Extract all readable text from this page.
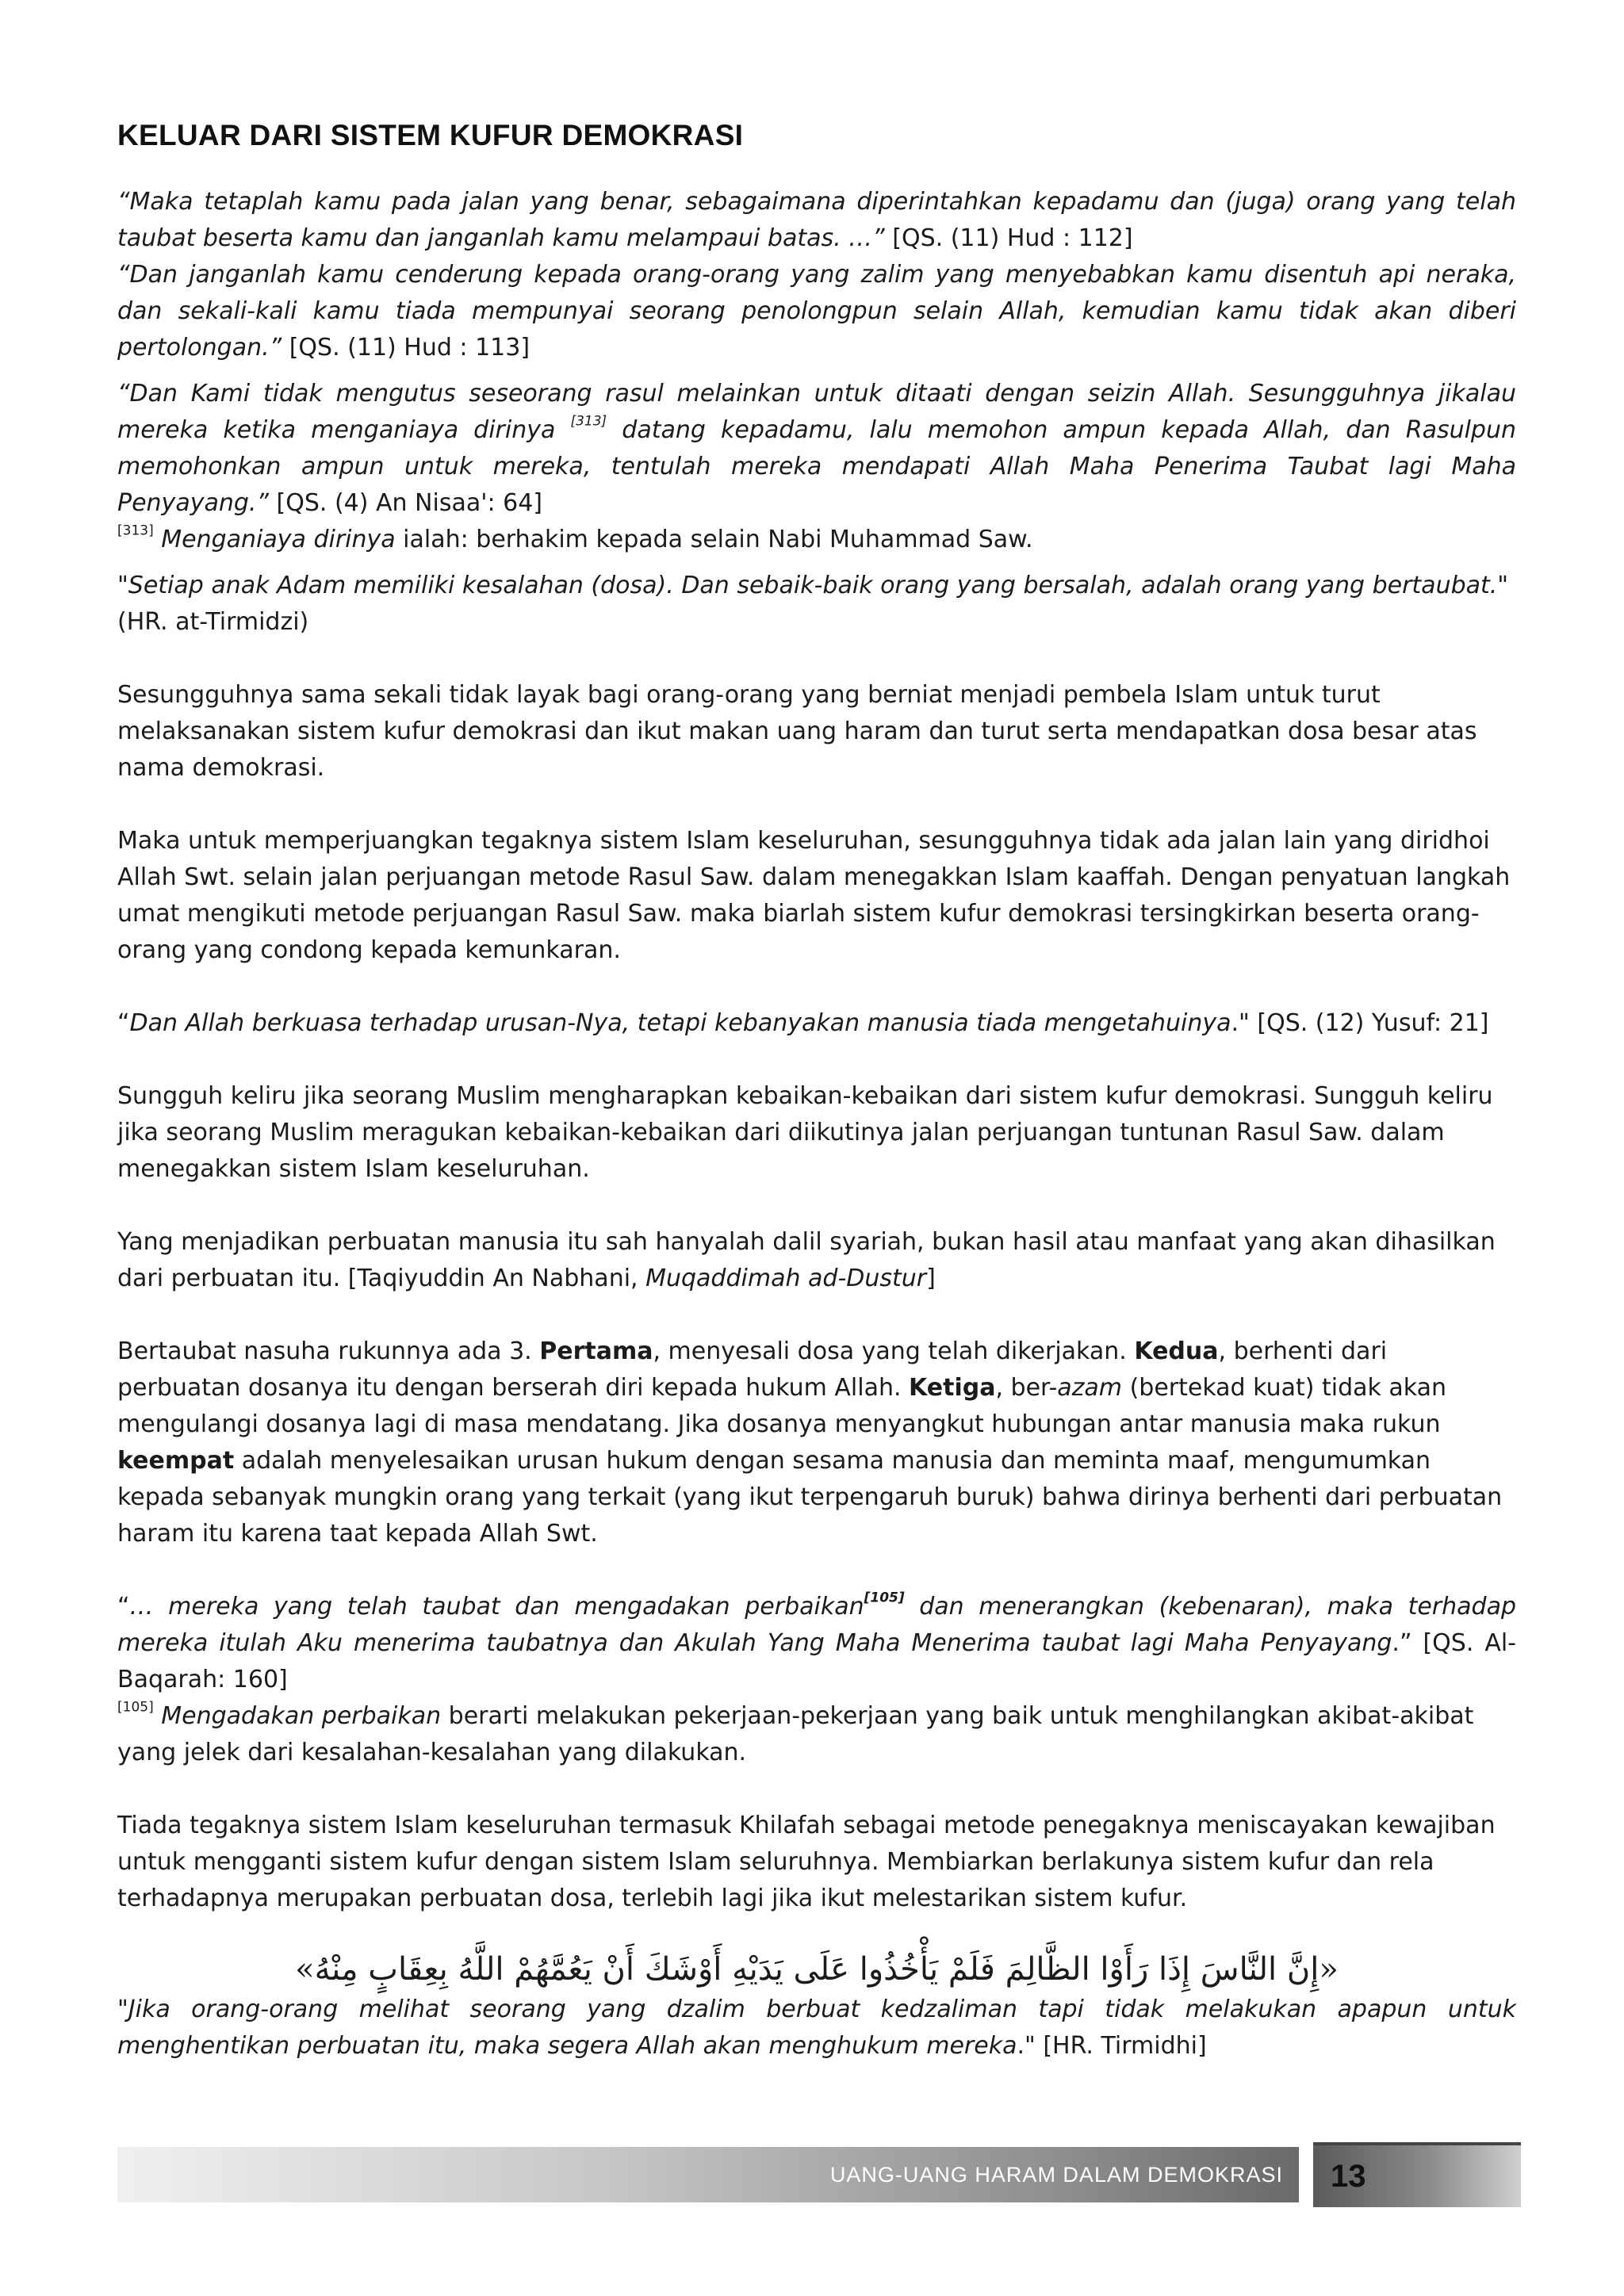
KELUAR DARI SISTEM KUFUR DEMOKRASI

“Maka tetaplah kamu pada jalan yang benar, sebagaimana diperintahkan kepadamu dan (juga) orang yang telah taubat beserta kamu dan janganlah kamu melampaui batas. …” [QS. (11) Hud : 112]

“Dan janganlah kamu cenderung kepada orang-orang yang zalim yang menyebabkan kamu disentuh api neraka, dan sekali-kali kamu tiada mempunyai seorang penolongpun selain Allah, kemudian kamu tidak akan diberi pertolongan.” [QS. (11) Hud : 113]

“Dan Kami tidak mengutus seseorang rasul melainkan untuk ditaati dengan seizin Allah. Sesungguhnya jikalau mereka ketika menganiaya dirinya [313] datang kepadamu, lalu memohon ampun kepada Allah, dan Rasulpun memohonkan ampun untuk mereka, tentulah mereka mendapati Allah Maha Penerima Taubat lagi Maha Penyayang.” [QS. (4) An Nisaa': 64]

[313] Menganiaya dirinya ialah: berhakim kepada selain Nabi Muhammad Saw.

"Setiap anak Adam memiliki kesalahan (dosa). Dan sebaik-baik orang yang bersalah, adalah orang yang bertaubat."
(HR. at-Tirmidzi)

Sesungguhnya sama sekali tidak layak bagi orang-orang yang berniat menjadi pembela Islam untuk turut melaksanakan sistem kufur demokrasi dan ikut makan uang haram dan turut serta mendapatkan dosa besar atas nama demokrasi.

Maka untuk memperjuangkan tegaknya sistem Islam keseluruhan, sesungguhnya tidak ada jalan lain yang diridhoi Allah Swt. selain jalan perjuangan metode Rasul Saw. dalam menegakkan Islam kaaffah. Dengan penyatuan langkah umat mengikuti metode perjuangan Rasul Saw. maka biarlah sistem kufur demokrasi tersingkirkan beserta orang-orang yang condong kepada kemunkaran.

“Dan Allah berkuasa terhadap urusan-Nya, tetapi kebanyakan manusia tiada mengetahuinya." [QS. (12) Yusuf: 21]

Sungguh keliru jika seorang Muslim mengharapkan kebaikan-kebaikan dari sistem kufur demokrasi. Sungguh keliru jika seorang Muslim meragukan kebaikan-kebaikan dari diikutinya jalan perjuangan tuntunan Rasul Saw. dalam menegakkan sistem Islam keseluruhan.

Yang menjadikan perbuatan manusia itu sah hanyalah dalil syariah, bukan hasil atau manfaat yang akan dihasilkan dari perbuatan itu. [Taqiyuddin An Nabhani, Muqaddimah ad-Dustur]

Bertaubat nasuha rukunnya ada 3. Pertama, menyesali dosa yang telah dikerjakan. Kedua, berhenti dari perbuatan dosanya itu dengan berserah diri kepada hukum Allah. Ketiga, ber-azam (bertekad kuat) tidak akan mengulangi dosanya lagi di masa mendatang. Jika dosanya menyangkut hubungan antar manusia maka rukun keempat adalah menyelesaikan urusan hukum dengan sesama manusia dan meminta maaf, mengumumkan kepada sebanyak mungkin orang yang terkait (yang ikut terpengaruh buruk) bahwa dirinya berhenti dari perbuatan haram itu karena taat kepada Allah Swt.

“… mereka yang telah taubat dan mengadakan perbaikan[105] dan menerangkan (kebenaran), maka terhadap mereka itulah Aku menerima taubatnya dan Akulah Yang Maha Menerima taubat lagi Maha Penyayang.” [QS. Al-Baqarah: 160]

[105] Mengadakan perbaikan berarti melakukan pekerjaan-pekerjaan yang baik untuk menghilangkan akibat-akibat yang jelek dari kesalahan-kesalahan yang dilakukan.

Tiada tegaknya sistem Islam keseluruhan termasuk Khilafah sebagai metode penegaknya meniscayakan kewajiban untuk mengganti sistem kufur dengan sistem Islam seluruhnya. Membiarkan berlakunya sistem kufur dan rela terhadapnya merupakan perbuatan dosa, terlebih lagi jika ikut melestarikan sistem kufur.

«إِنَّ النَّاسَ إِذَا رَأَوْا الظَّالِمَ فَلَمْ يَأْخُذُوا عَلَى يَدَيْهِ أَوْشَكَ أَنْ يَعُمَّهُمْ اللَّهُ بِعِقَابٍ مِنْهُ»

"Jika orang-orang melihat seorang yang dzalim berbuat kedzaliman tapi tidak melakukan apapun untuk menghentikan perbuatan itu, maka segera Allah akan menghukum mereka." [HR. Tirmidhi]

UANG-UANG HARAM DALAM DEMOKRASI 13
